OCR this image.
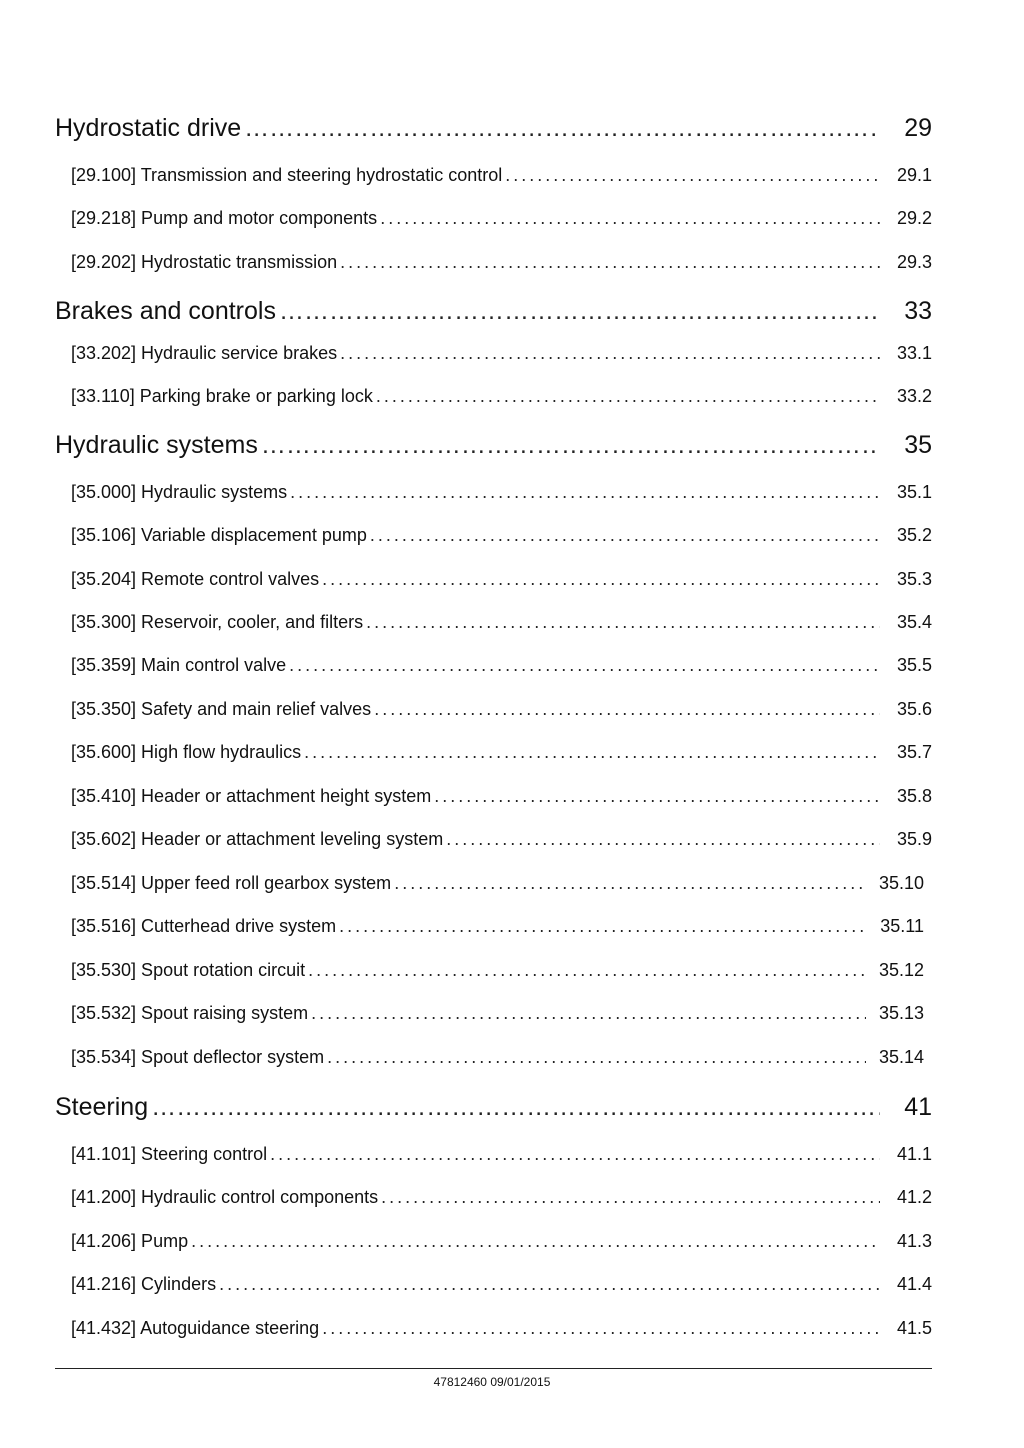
Hydrostatic drive ……………………………………………………………………………………………………………………………………………………………………………………………………………	29
[29.100] Transmission and steering hydrostatic control . . .	29.1
[29.218] Pump and motor components . . .	29.2
[29.202] Hydrostatic transmission . . .	29.3
Brakes and controls ……………………………………………………………………………………………………………………………………………………………………………………………………………	33
[33.202] Hydraulic service brakes . . .	33.1
[33.110] Parking brake or parking lock . . .	33.2
Hydraulic systems ……………………………………………………………………………………………………………………………………………………………………………………………………………	35
[35.000] Hydraulic systems . . .	35.1
[35.106] Variable displacement pump . . .	35.2
[35.204] Remote control valves . . .	35.3
[35.300] Reservoir, cooler, and filters . . .	35.4
[35.359] Main control valve . . .	35.5
[35.350] Safety and main relief valves . . .	35.6
[35.600] High flow hydraulics . . .	35.7
[35.410] Header or attachment height system . . .	35.8
[35.602] Header or attachment leveling system . . .	35.9
[35.514] Upper feed roll gearbox system . . .	35.10
[35.516] Cutterhead drive system . . .	35.11
[35.530] Spout rotation circuit . . .	35.12
[35.532] Spout raising system . . .	35.13
[35.534] Spout deflector system . . .	35.14
Steering ……………………………………………………………………………………………………………………………………………………………………………………………………………	41
[41.101] Steering control . . .	41.1
[41.200] Hydraulic control components . . .	41.2
[41.206] Pump . . .	41.3
[41.216] Cylinders . . .	41.4
[41.432] Autoguidance steering . . .	41.5
47812460 09/01/2015
